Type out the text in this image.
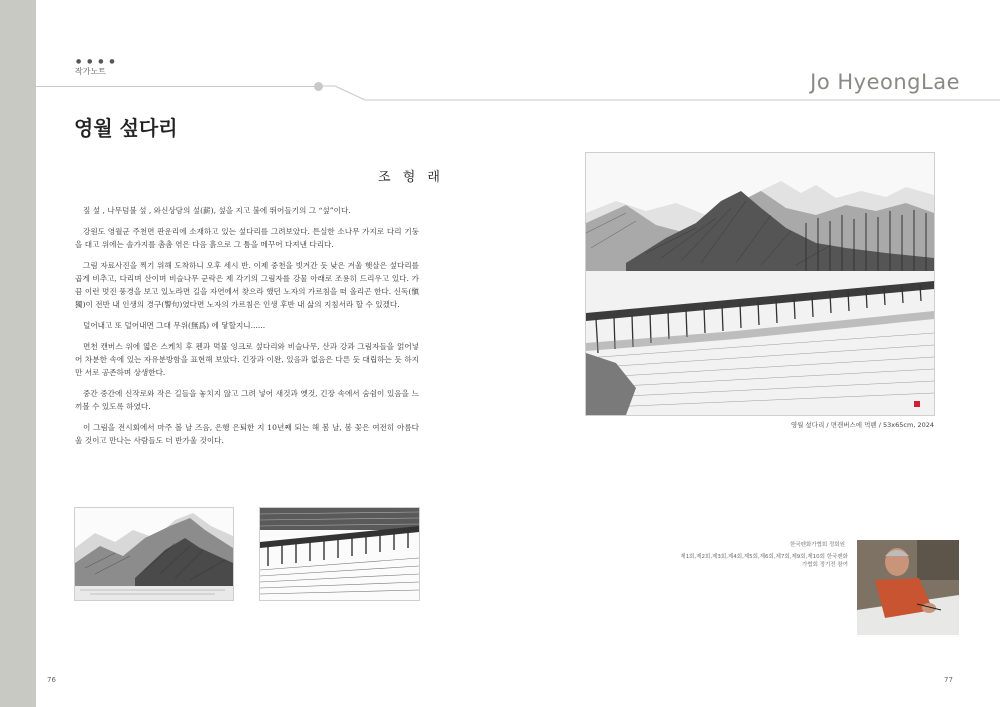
● ● ● ●
작가노트	Jo HyeongLae
영월 섶다리
조 형 래

짚 섶 , 나무덤불 섶 , 와신상담의 섶(薪), 섶을 지고 불에 뛰어들기의 그 “섶”이다.

강원도 영월군 주천면 판운리에 소재하고 있는 섶다리를 그려보았다. 튼실한 소나무 가지로 다리 기둥을 대고 위에는 솔가지를 촘촘 엮은 다음 흙으로 그 틈을 메꾸어 다져낸 다리다.

그림 자료사진을 찍기 위해 도착하니 오후 세시 반. 이제 중천을 빗겨간 듯 낮은 겨울 햇살은 섶다리를 곱게 비추고, 다리며 산이며 비슬나무 군락은 제 각기의 그림자를 강물 아래로 조용히 드리우고 있다. 가끔 이런 멋진 풍경을 보고 있노라면 길을 자연에서 찾으라 했던 노자의 가르침을 떠 올리곤 한다. 신독(愼獨)이 전반 내 인생의 경구(警句)였다면 노자의 가르침은 인생 후반 내 삶의 지침서라 할 수 있겠다.

덜어내고 또 덜어내면 그대 무위(無爲) 에 닿할지니......

면천 캔버스 위에 엷은 스케치 후 펜과 먹물 잉크로 섶다리와 비슬나무, 산과 강과 그림자들을 얽어넣어 차분한 속에 있는 자유분방함을 표현해 보았다. 긴장과 이완, 있음과 없음은 다른 듯 대립하는 듯 하지만 서로 공존하며 상생한다.

중간 중간에 신작로와 작은 길들을 놓치지 않고 그려 넣어 새것과 옛것, 긴장 속에서 숨쉼이 있음을 느끼볼 수 있도록 하였다.

이 그림을 전시회에서 마주 볼 날 즈음, 은행 은퇴한 지 10년째 되는 해 봄 날, 봄 꽃은 여전히 아름다울 것이고 만나는 사람들도 더 반가울 것이다.

영월 섶다리 / 면캔버스에 먹펜 / 53x65cm, 2024
한국펜화가협회 정회원
제1회,제2회,제3회,제4회,제5회,제6회,제7회,제9회,제10회 한국펜화가협회 정기전 참여
76	77
